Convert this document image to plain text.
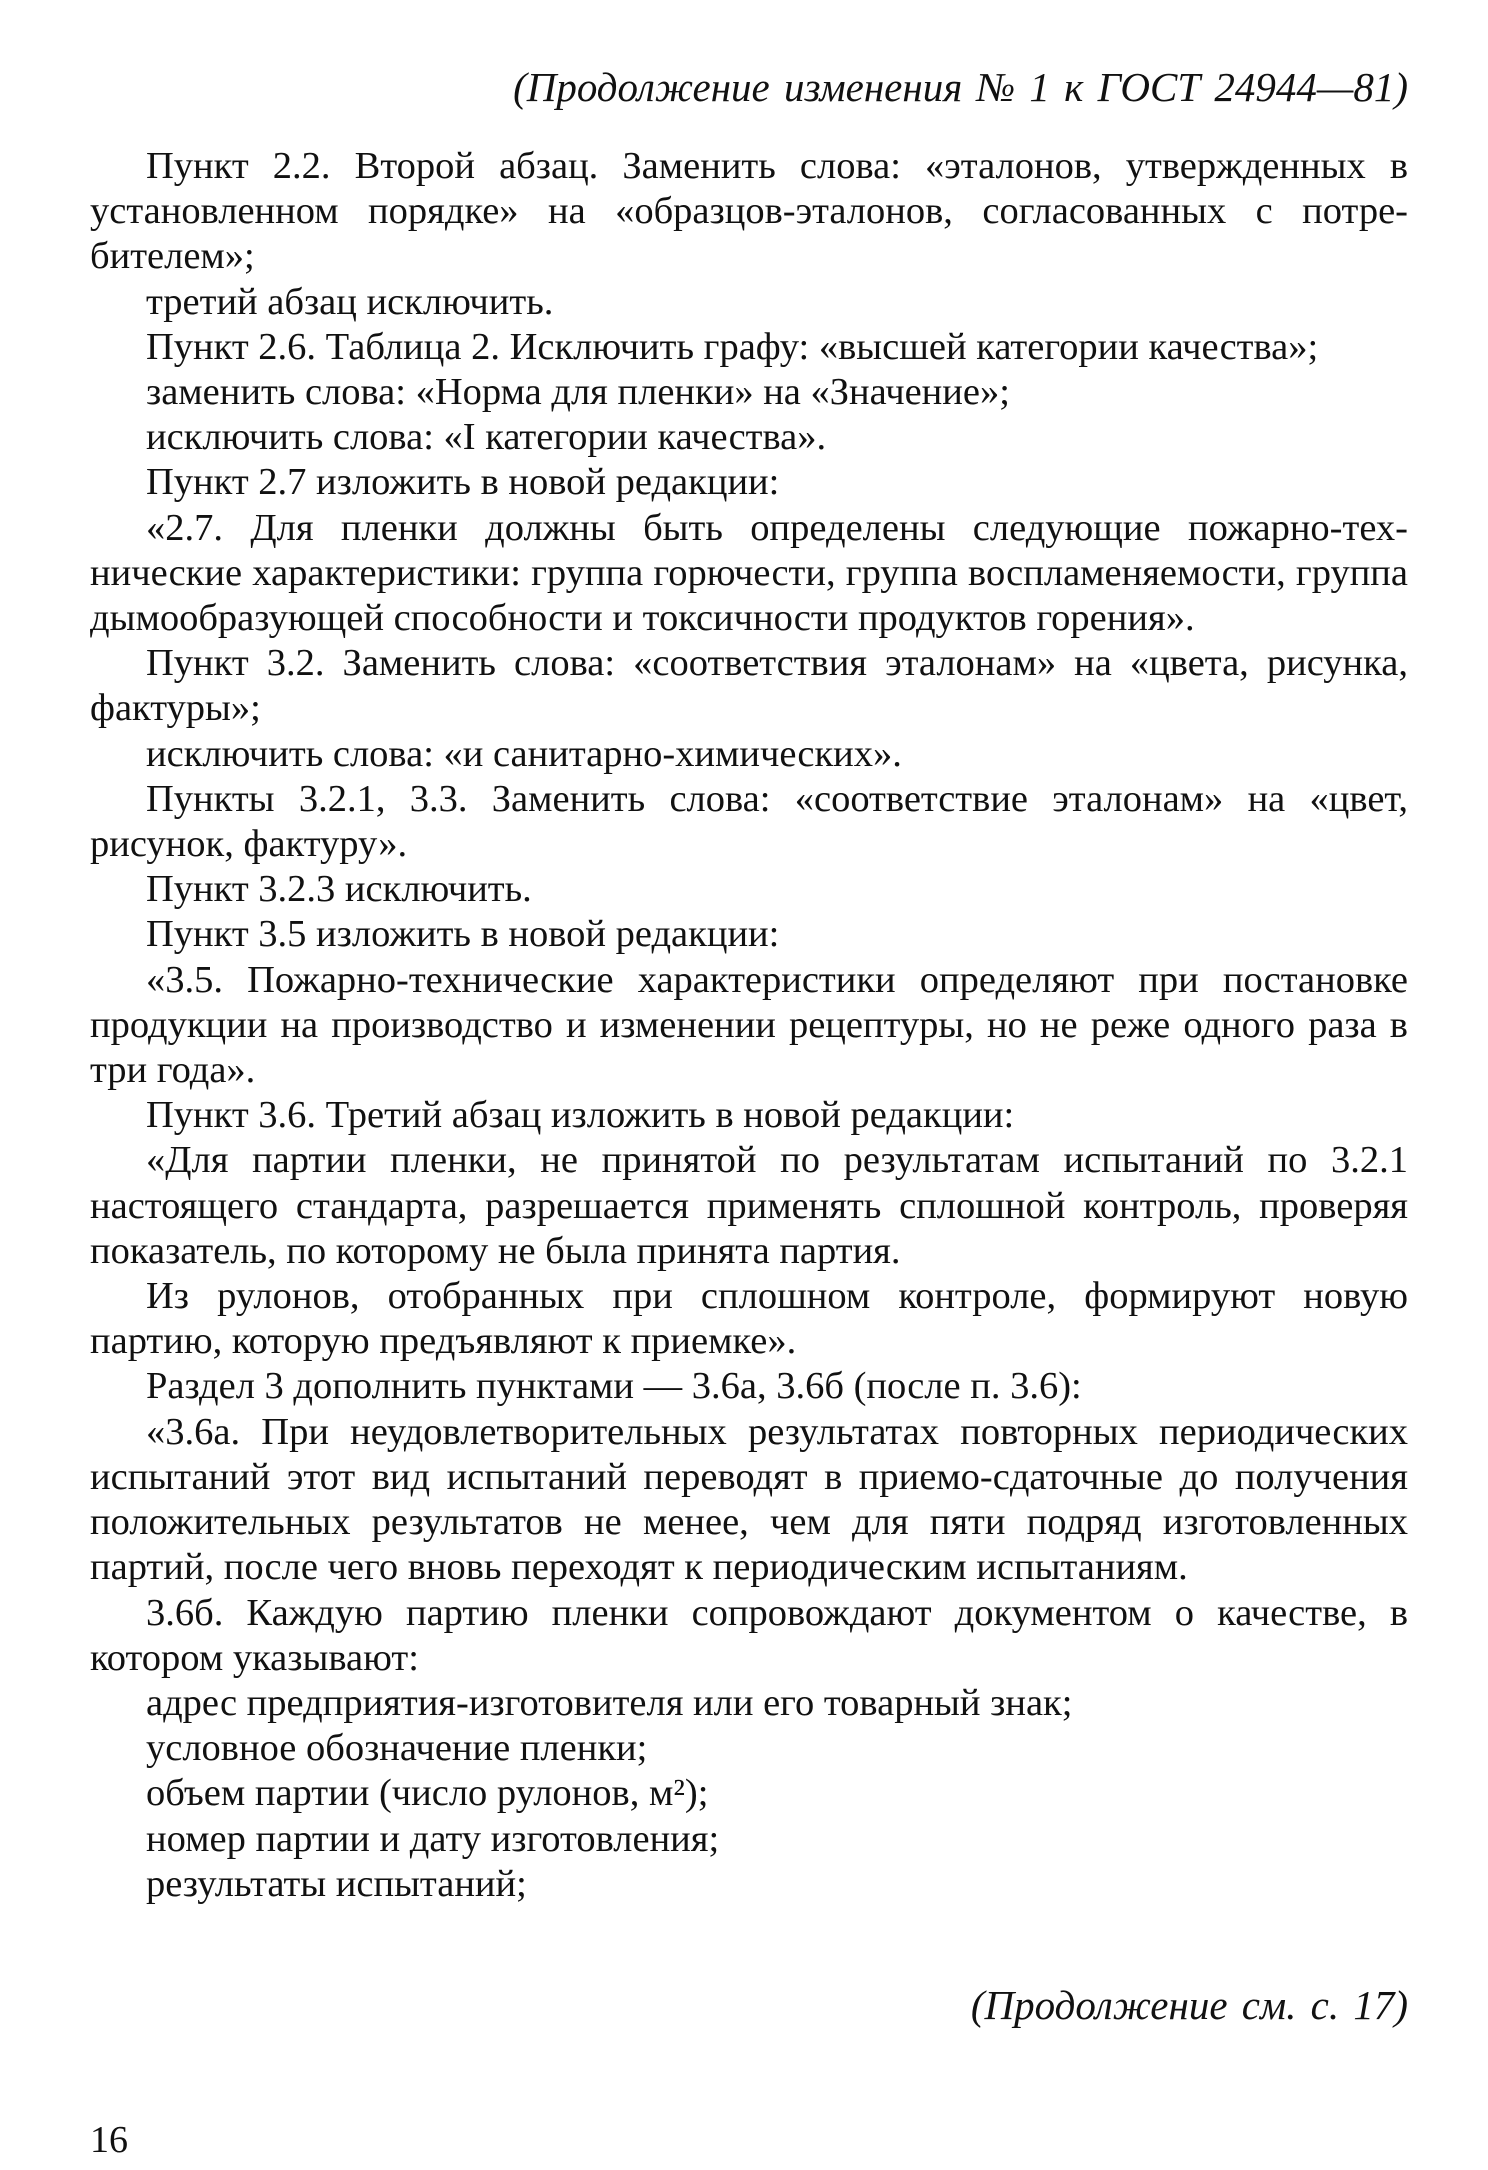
(Продолжение изменения № 1 к ГОСТ 24944—81)

Пункт 2.2. Второй абзац. Заменить слова: «эталонов, утвержденных в установленном порядке» на «образцов-эталонов, согласованных с потребителем»;

третий абзац исключить.

Пункт 2.6. Таблица 2. Исключить графу: «высшей категории качества»;

заменить слова: «Норма для пленки» на «Значение»;

исключить слова: «I категории качества».

Пункт 2.7 изложить в новой редакции:

«2.7. Для пленки должны быть определены следующие пожарно-технические характеристики: группа горючести, группа воспламеняемости, группа дымообразующей способности и токсичности продуктов горения».

Пункт 3.2. Заменить слова: «соответствия эталонам» на «цвета, рисунка, фактуры»;

исключить слова: «и санитарно-химических».

Пункты 3.2.1, 3.3. Заменить слова: «соответствие эталонам» на «цвет, рисунок, фактуру».

Пункт 3.2.3 исключить.

Пункт 3.5 изложить в новой редакции:

«3.5. Пожарно-технические характеристики определяют при постановке продукции на производство и изменении рецептуры, но не реже одного раза в три года».

Пункт 3.6. Третий абзац изложить в новой редакции:

«Для партии пленки, не принятой по результатам испытаний по 3.2.1 настоящего стандарта, разрешается применять сплошной контроль, проверяя показатель, по которому не была принята партия.

Из рулонов, отобранных при сплошном контроле, формируют новую партию, которую предъявляют к приемке».

Раздел 3 дополнить пунктами — 3.6а, 3.6б (после п. 3.6):

«3.6а. При неудовлетворительных результатах повторных периодических испытаний этот вид испытаний переводят в приемо-сдаточные до получения положительных результатов не менее, чем для пяти подряд изготовленных партий, после чего вновь переходят к периодическим испытаниям.

3.6б. Каждую партию пленки сопровождают документом о качестве, в котором указывают:

адрес предприятия-изготовителя или его товарный знак;

условное обозначение пленки;

объем партии (число рулонов, м²);

номер партии и дату изготовления;

результаты испытаний;

(Продолжение см. с. 17)
16
